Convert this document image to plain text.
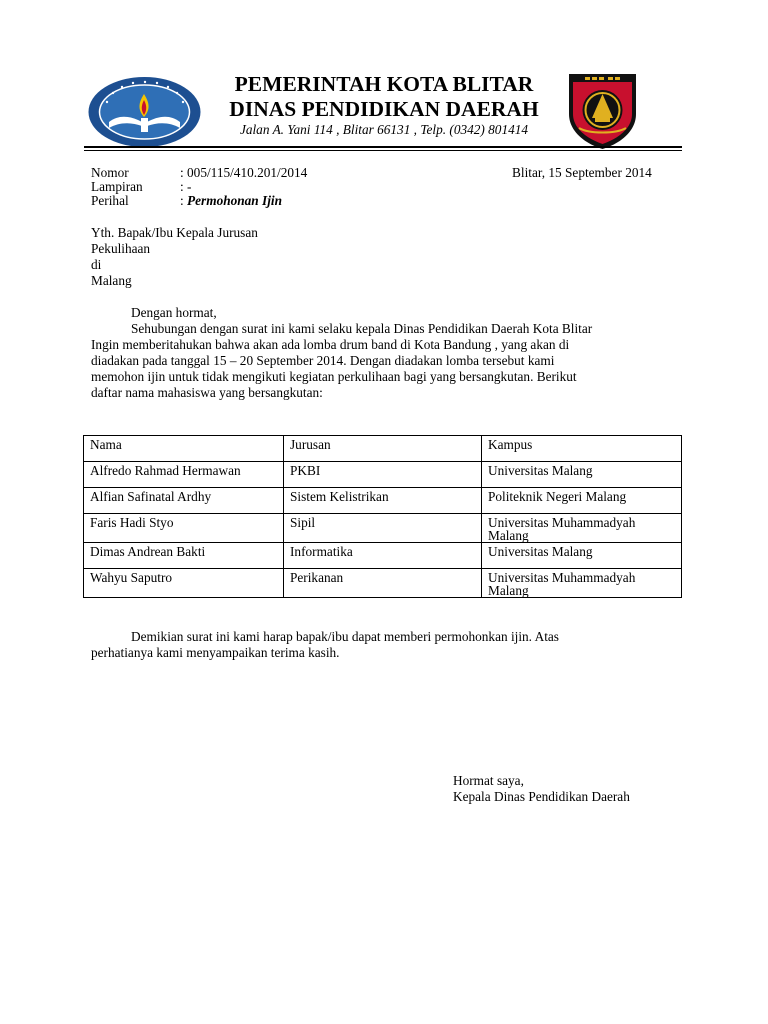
PEMERINTAH KOTA BLITAR
DINAS PENDIDIKAN DAERAH
Jalan A. Yani 114 , Blitar 66131 , Telp. (0342) 801414
Nomor	: 005/115/410.201/2014	Blitar, 15 September 2014
Lampiran	: -
Perihal	: Permohonan Ijin
Yth. Bapak/Ibu Kepala Jurusan
Pekulihaan
di
Malang
Dengan hormat,
Sehubungan dengan surat ini kami selaku kepala Dinas Pendidikan Daerah Kota Blitar
Ingin memberitahukan bahwa akan ada lomba drum band di Kota Bandung , yang akan di
diadakan pada tanggal 15 – 20 September 2014. Dengan diadakan lomba tersebut kami
memohon ijin untuk tidak mengikuti kegiatan perkulihaan bagi yang bersangkutan. Berikut
daftar nama mahasiswa yang bersangkutan:
Nama	Jurusan	Kampus
Alfredo Rahmad Hermawan	PKBI	Universitas Malang
Alfian Safinatal Ardhy	Sistem Kelistrikan	Politeknik Negeri Malang
Faris Hadi Styo	Sipil	Universitas Muhammadyah Malang
Dimas Andrean Bakti	Informatika	Universitas Malang
Wahyu Saputro	Perikanan	Universitas Muhammadyah Malang
Demikian surat ini kami harap bapak/ibu dapat memberi permohonkan ijin. Atas
perhatianya kami menyampaikan terima kasih.
Hormat saya,
Kepala Dinas Pendidikan Daerah
